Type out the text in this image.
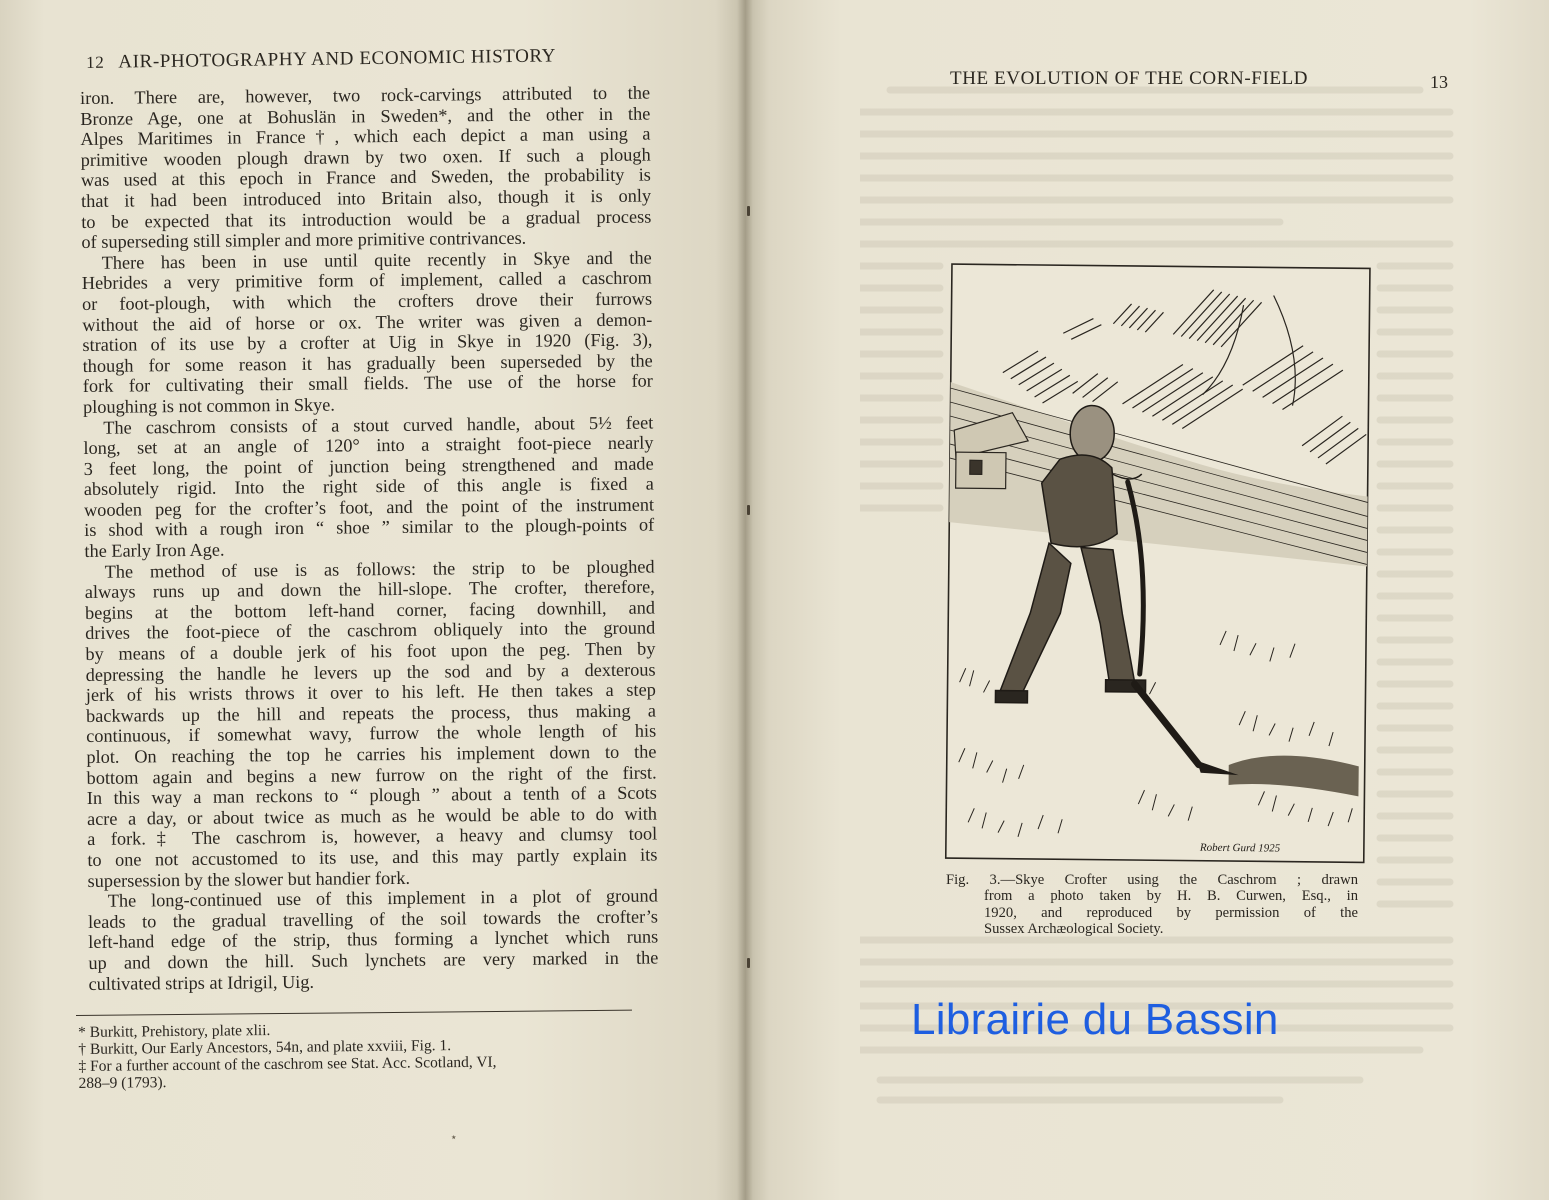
12 AIR-PHOTOGRAPHY AND ECONOMIC HISTORY
iron. There are, however, two rock-carvings attributed to the
Bronze Age, one at Bohuslän in Sweden*, and the other in the
Alpes Maritimes in France†, which each depict a man using a
primitive wooden plough drawn by two oxen. If such a plough
was used at this epoch in France and Sweden, the probability is
that it had been introduced into Britain also, though it is only
to be expected that its introduction would be a gradual process
of superseding still simpler and more primitive contrivances.
There has been in use until quite recently in Skye and the
Hebrides a very primitive form of implement, called a caschrom
or foot-plough, with which the crofters drove their furrows
without the aid of horse or ox. The writer was given a demon-
stration of its use by a crofter at Uig in Skye in 1920 (Fig. 3),
though for some reason it has gradually been superseded by the
fork for cultivating their small fields. The use of the horse for
ploughing is not common in Skye.
The caschrom consists of a stout curved handle, about 5½ feet
long, set at an angle of 120° into a straight foot-piece nearly
3 feet long, the point of junction being strengthened and made
absolutely rigid. Into the right side of this angle is fixed a
wooden peg for the crofter’s foot, and the point of the instrument
is shod with a rough iron “ shoe ” similar to the plough-points of
the Early Iron Age.
The method of use is as follows: the strip to be ploughed
always runs up and down the hill-slope. The crofter, therefore,
begins at the bottom left-hand corner, facing downhill, and
drives the foot-piece of the caschrom obliquely into the ground
by means of a double jerk of his foot upon the peg. Then by
depressing the handle he levers up the sod and by a dexterous
jerk of his wrists throws it over to his left. He then takes a step
backwards up the hill and repeats the process, thus making a
continuous, if somewhat wavy, furrow the whole length of his
plot. On reaching the top he carries his implement down to the
bottom again and begins a new furrow on the right of the first.
In this way a man reckons to “ plough ” about a tenth of a Scots
acre a day, or about twice as much as he would be able to do with
a fork.‡ The caschrom is, however, a heavy and clumsy tool
to one not accustomed to its use, and this may partly explain its
supersession by the slower but handier fork.
The long-continued use of this implement in a plot of ground
leads to the gradual travelling of the soil towards the crofter’s
left-hand edge of the strip, thus forming a lynchet which runs
up and down the hill. Such lynchets are very marked in the
cultivated strips at Idrigil, Uig.
* Burkitt, Prehistory, plate xlii.
† Burkitt, Our Early Ancestors, 54n, and plate xxviii, Fig. 1.
‡ For a further account of the caschrom see Stat. Acc. Scotland, VI,
288–9 (1793).
⋆
THE EVOLUTION OF THE CORN-FIELD	13
Robert Gurd 1925
Fig. 3.—Skye Crofter using the Caschrom ; drawn
from a photo taken by H. B. Curwen, Esq., in
1920, and reproduced by permission of the
Sussex Archæological Society.
Librairie du Bassin
